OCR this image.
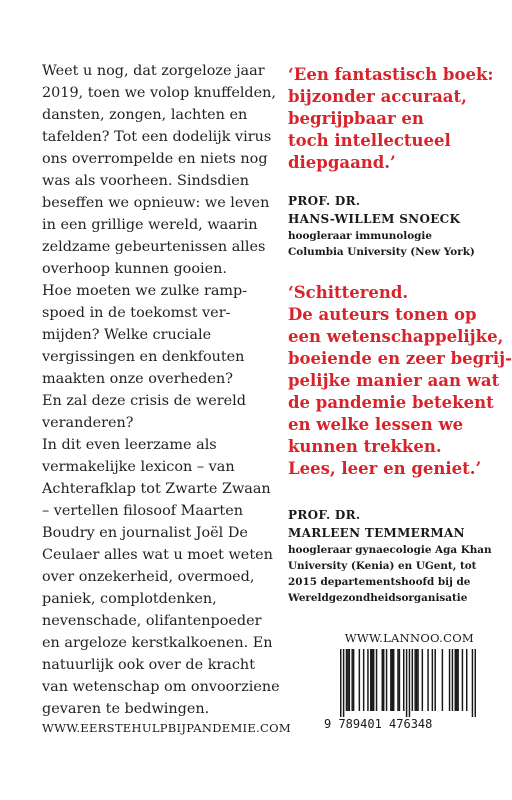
Weet u nog, dat zorgeloze jaar
2019, toen we volop knuffelden,
dansten, zongen, lachten en
tafelden? Tot een dodelijk virus
ons overrompelde en niets nog
was als voorheen. Sindsdien
beseffen we opnieuw: we leven
in een grillige wereld, waarin
zeldzame gebeurtenissen alles
overhoop kunnen gooien.
Hoe moeten we zulke ramp-
spoed in de toekomst ver-
mijden? Welke cruciale
vergissingen en denkfouten
maakten onze overheden?
En zal deze crisis de wereld
veranderen?
In dit even leerzame als
vermakelijke lexicon – van
Achterafklap tot Zwarte Zwaan
– vertellen filosoof Maarten
Boudry en journalist Joël De
Ceulaer alles wat u moet weten
over onzekerheid, overmoed,
paniek, complotdenken,
nevenschade, olifantenpoeder
en argeloze kerstkalkoenen. En
natuurlijk ook over de kracht
van wetenschap om onvoorziene
gevaren te bedwingen.
‘Een fantastisch boek:
bijzonder accuraat,
begrijpbaar en
toch intellectueel
diepgaand.’
PROF. DR.
HANS-WILLEM SNOECK
hoogleraar immunologie
Columbia University (New York)
‘Schitterend.
De auteurs tonen op
een wetenschappelijke,
boeiende en zeer begrij-
pelijke manier aan wat
de pandemie betekent
en welke lessen we
kunnen trekken.
Lees, leer en geniet.’
PROF. DR.
MARLEEN TEMMERMAN
hoogleraar gynaecologie Aga Khan
University (Kenia) en UGent, tot
2015 departementshoofd bij de
Wereldgezondheidsorganisatie
WWW.LANNOO.COM
9 789401 476348
WWW.EERSTEHULPBIJPANDEMIE.COM
